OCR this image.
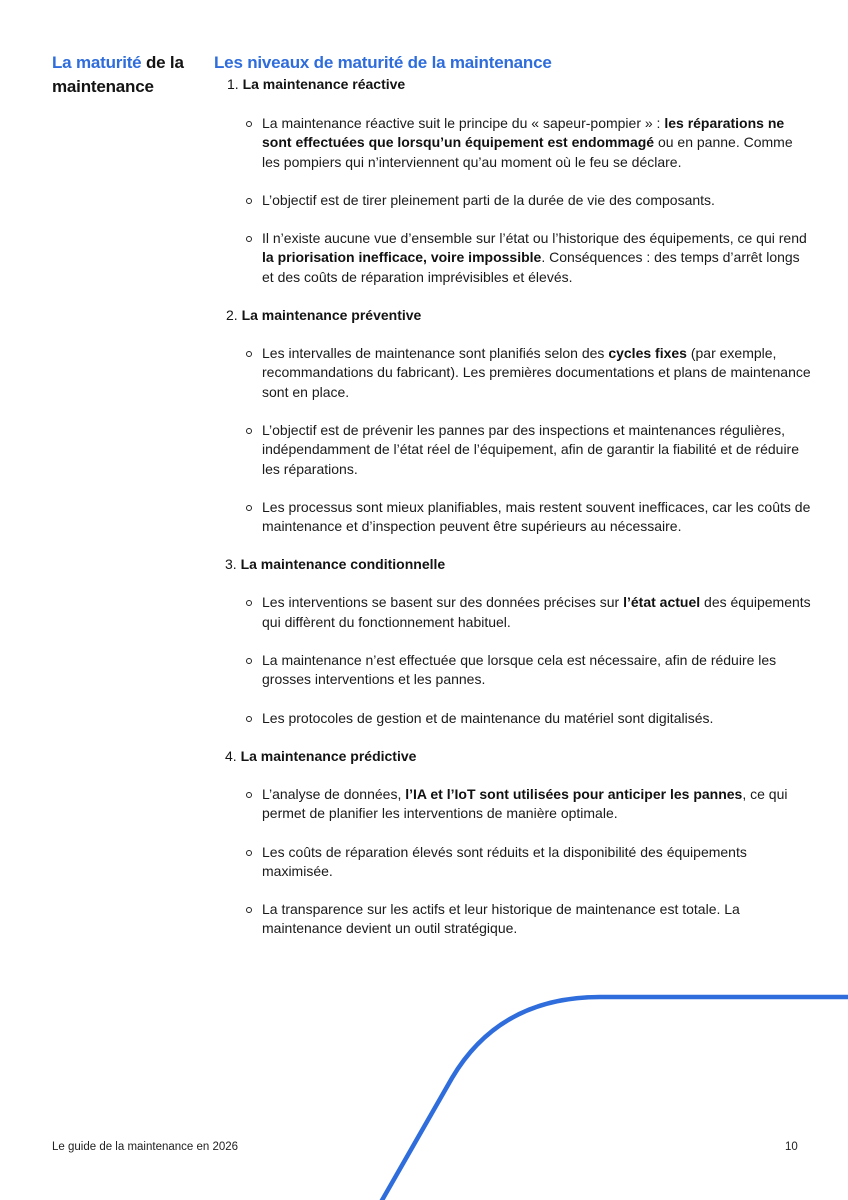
La maturité de la
maintenance
Les niveaux de maturité de la maintenance

1. La maintenance réactive

La maintenance réactive suit le principe du « sapeur-pompier » : les réparations ne sont effectuées que lorsqu’un équipement est endommagé ou en panne. Comme les pompiers qui n’interviennent qu’au moment où le feu se déclare.
L’objectif est de tirer pleinement parti de la durée de vie des composants.
Il n’existe aucune vue d’ensemble sur l’état ou l’historique des équipements, ce qui rend la priorisation inefficace, voire impossible. Conséquences : des temps d’arrêt longs et des coûts de réparation imprévisibles et élevés.

2. La maintenance préventive

Les intervalles de maintenance sont planifiés selon des cycles fixes (par exemple, recommandations du fabricant). Les premières documentations et plans de maintenance sont en place.
L’objectif est de prévenir les pannes par des inspections et maintenances régulières, indépendamment de l’état réel de l’équipement, afin de garantir la fiabilité et de réduire les réparations.
Les processus sont mieux planifiables, mais restent souvent inefficaces, car les coûts de maintenance et d’inspection peuvent être supérieurs au nécessaire.

3. La maintenance conditionnelle

Les interventions se basent sur des données précises sur l’état actuel des équipements qui diffèrent du fonctionnement habituel.
La maintenance n’est effectuée que lorsque cela est nécessaire, afin de réduire les grosses interventions et les pannes.
Les protocoles de gestion et de maintenance du matériel sont digitalisés.

4. La maintenance prédictive

L’analyse de données, l’IA et l’IoT sont utilisées pour anticiper les pannes, ce qui permet de planifier les interventions de manière optimale.
Les coûts de réparation élevés sont réduits et la disponibilité des équipements maximisée.
La transparence sur les actifs et leur historique de maintenance est totale. La maintenance devient un outil stratégique.
Le guide de la maintenance en 2026	10
